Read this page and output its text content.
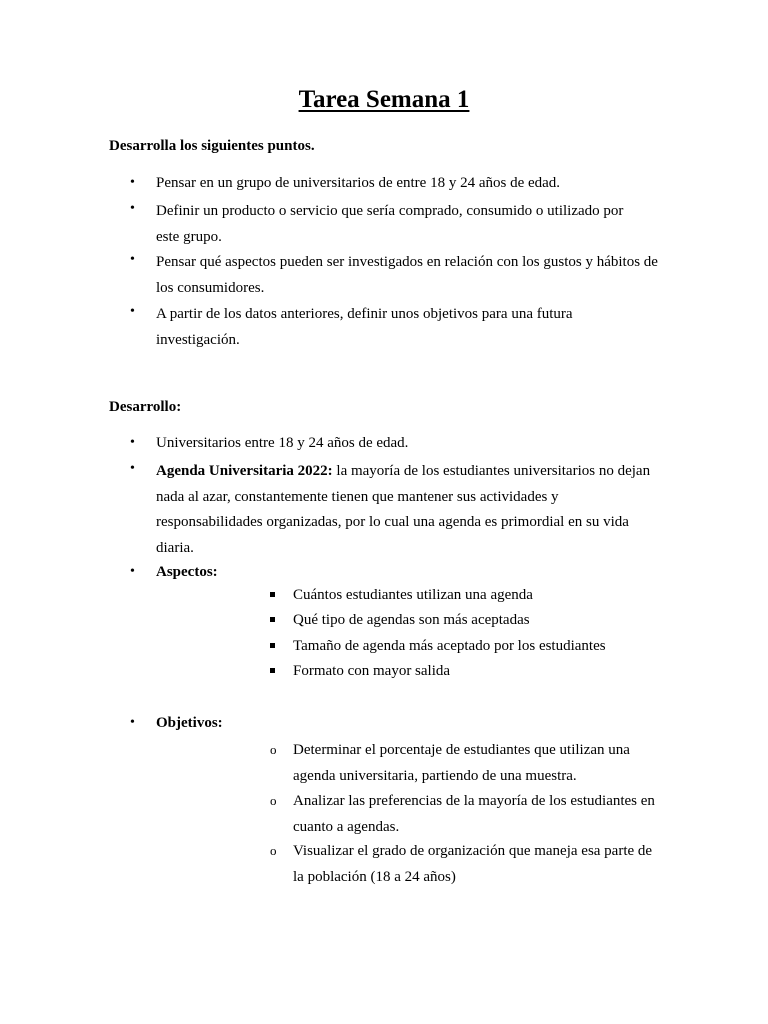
Tarea Semana 1
Desarrolla los siguientes puntos.
• Pensar en un grupo de universitarios de entre 18 y 24 años de edad.
• Definir un producto o servicio que sería comprado, consumido o utilizado por este grupo.
• Pensar qué aspectos pueden ser investigados en relación con los gustos y hábitos de los consumidores.
• A partir de los datos anteriores, definir unos objetivos para una futura investigación.
Desarrollo:
• Universitarios entre 18 y 24 años de edad.
• Agenda Universitaria 2022: la mayoría de los estudiantes universitarios no dejan nada al azar, constantemente tienen que mantener sus actividades y responsabilidades organizadas, por lo cual una agenda es primordial en su vida diaria.
• Aspectos:
Cuántos estudiantes utilizan una agenda
Qué tipo de agendas son más aceptadas
Tamaño de agenda más aceptado por los estudiantes
Formato con mayor salida
• Objetivos:
o Determinar el porcentaje de estudiantes que utilizan una agenda universitaria, partiendo de una muestra.
o Analizar las preferencias de la mayoría de los estudiantes en cuanto a agendas.
o Visualizar el grado de organización que maneja esa parte de la población (18 a 24 años)
